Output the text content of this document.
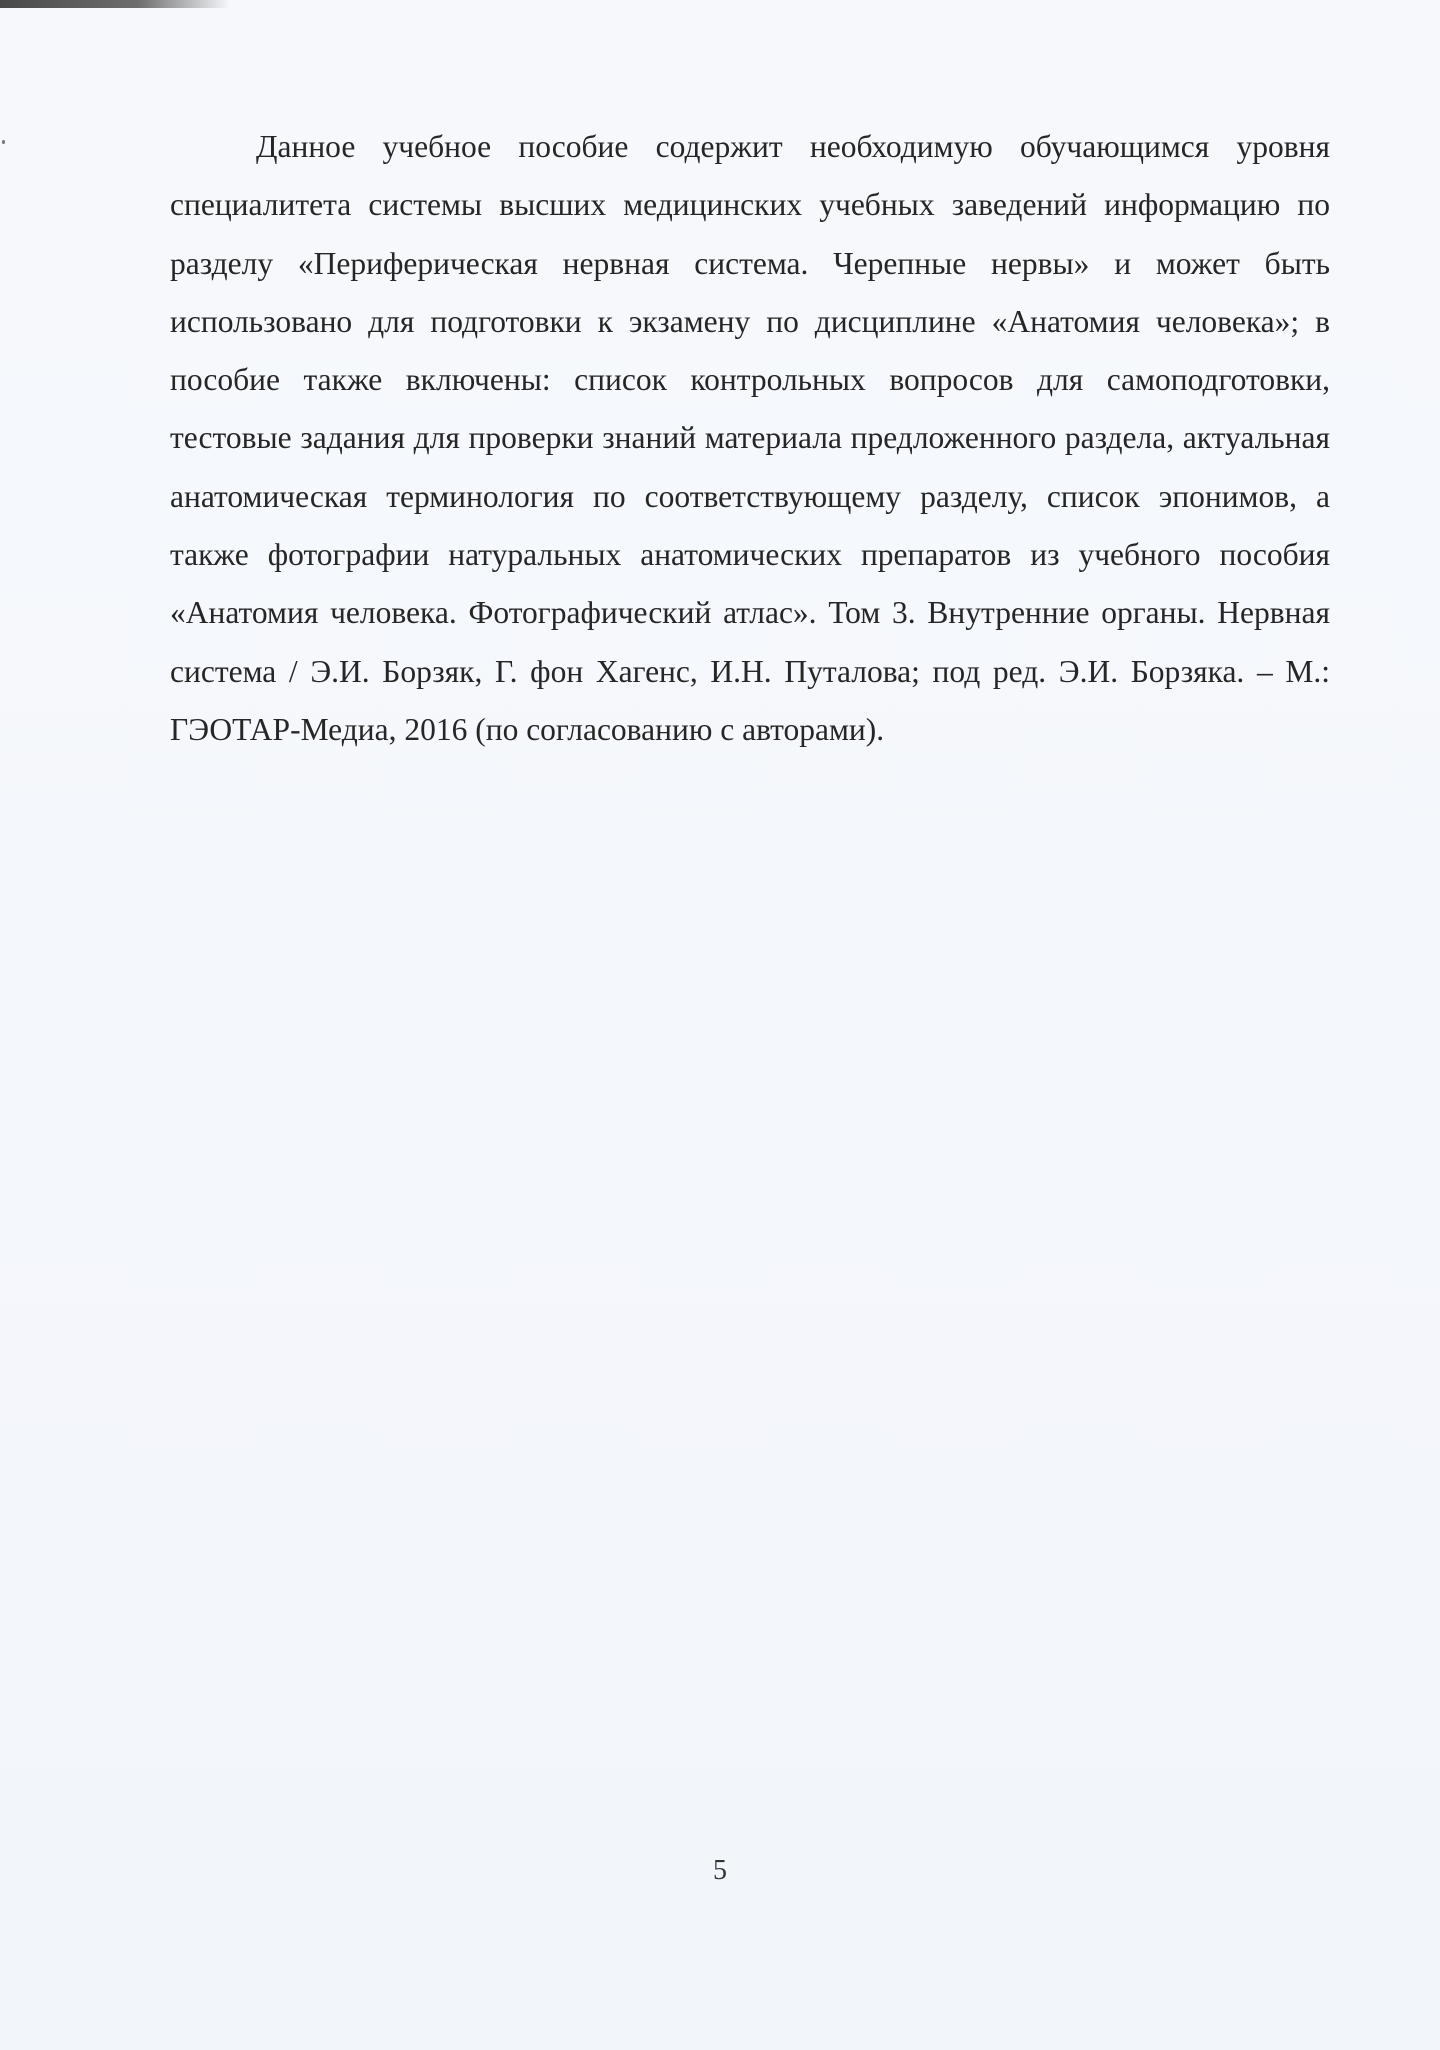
Данное учебное пособие содержит необходимую обучающимся уровня специалитета системы высших медицинских учебных заведений информацию по разделу «Периферическая нервная система. Черепные нервы» и может быть использовано для подготовки к экзамену по дисциплине «Анатомия человека»; в пособие также включены: список контрольных вопросов для самоподготовки, тестовые задания для проверки знаний материала предложенного раздела, актуальная анатомическая терминология по соответствующему разделу, список эпонимов, а также фотографии натуральных анатомических препаратов из учебного пособия «Анатомия человека. Фотографический атлас». Том 3. Внутренние органы. Нервная система / Э.И. Борзяк, Г. фон Хагенс, И.Н. Путалова; под ред. Э.И. Борзяка. – М.: ГЭОТАР-Медиа, 2016 (по согласованию с авторами).

5
